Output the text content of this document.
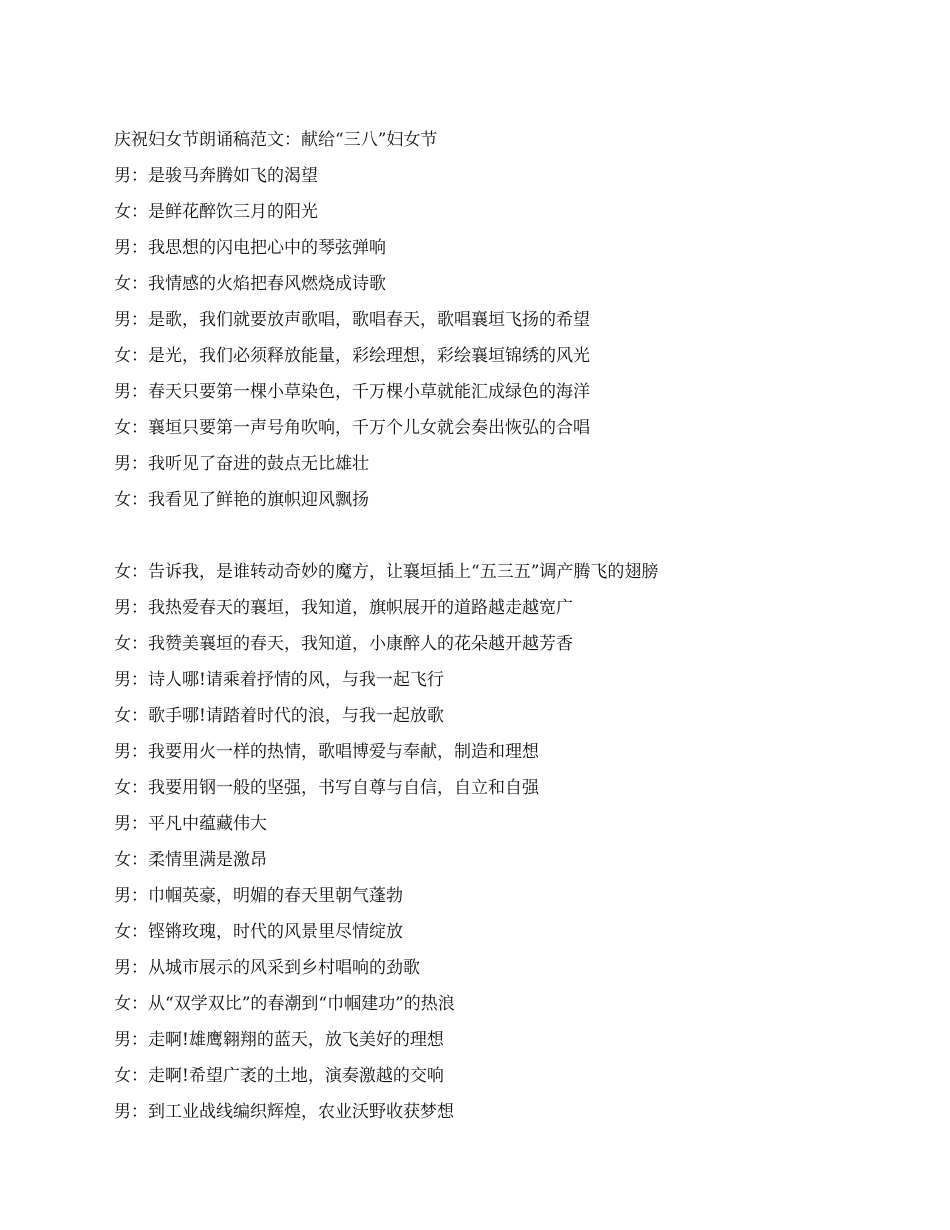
庆祝妇女节朗诵稿范文：献给“三八”妇女节
男：是骏马奔腾如飞的渴望
女：是鲜花醉饮三月的阳光
男：我思想的闪电把心中的琴弦弹响
女：我情感的火焰把春风燃烧成诗歌
男：是歌，我们就要放声歌唱，歌唱春天，歌唱襄垣飞扬的希望
女：是光，我们必须释放能量，彩绘理想，彩绘襄垣锦绣的风光
男：春天只要第一棵小草染色，千万棵小草就能汇成绿色的海洋
女：襄垣只要第一声号角吹响，千万个儿女就会奏出恢弘的合唱
男：我听见了奋进的鼓点无比雄壮
女：我看见了鲜艳的旗帜迎风飘扬
女：告诉我，是谁转动奇妙的魔方，让襄垣插上“五三五”调产腾飞的翅膀
男：我热爱春天的襄垣，我知道，旗帜展开的道路越走越宽广
女：我赞美襄垣的春天，我知道，小康醉人的花朵越开越芳香
男：诗人哪!请乘着抒情的风，与我一起飞行
女：歌手哪!请踏着时代的浪，与我一起放歌
男：我要用火一样的热情，歌唱博爱与奉献，制造和理想
女：我要用钢一般的坚强，书写自尊与自信，自立和自强
男：平凡中蕴藏伟大
女：柔情里满是激昂
男：巾帼英豪，明媚的春天里朝气蓬勃
女：铿锵玫瑰，时代的风景里尽情绽放
男：从城市展示的风采到乡村唱响的劲歌
女：从“双学双比”的春潮到“巾帼建功”的热浪
男：走啊!雄鹰翱翔的蓝天，放飞美好的理想
女：走啊!希望广袤的土地，演奏激越的交响
男：到工业战线编织辉煌，农业沃野收获梦想
